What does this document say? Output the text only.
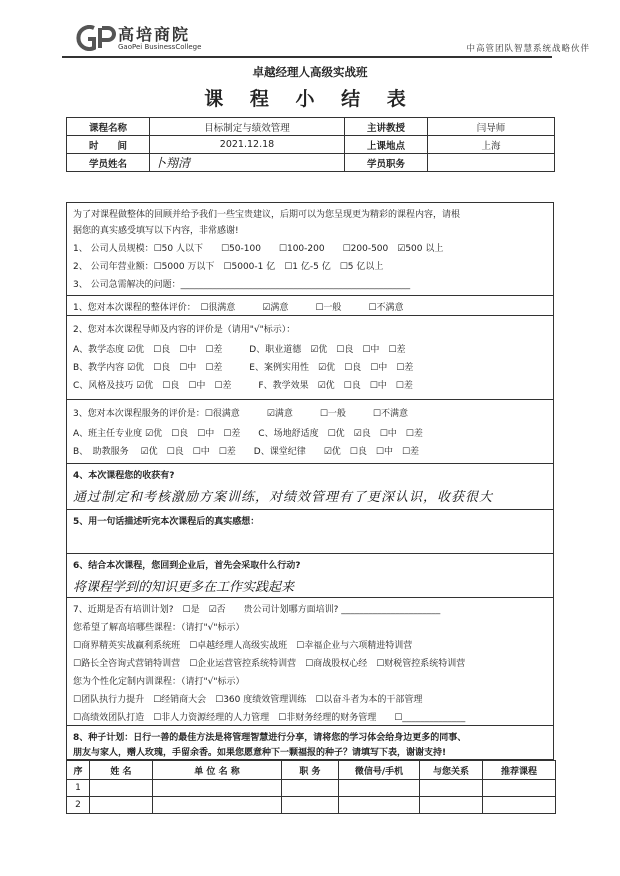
高培商院
GaoPei BusinessCollege	中高管团队智慧系统战略伙伴
卓越经理人高级实战班
课 程 小 结 表
课程名称	目标制定与绩效管理	主讲教授	闫导师
时　　间	2021.12.18	上课地点	上海
学员姓名	卜翔清	学员职务	
为了对课程做整体的回顾并给予我们一些宝贵建议，后期可以为您呈现更为精彩的课程内容，请根
据您的真实感受填写以下内容，非常感谢!
1、 公司人员规模：☐50 人以下　　☐50-100　　☐100-200　　☐200-500　☑500 以上
2、 公司年营业额：☐5000 万以下　☐5000-1 亿　☐1 亿-5 亿　☐5 亿以上
3、 公司急需解决的问题：___________________________________________________
1、您对本次课程的整体评价：　☐很满意　　　☑满意　　　☐一般　　　☐不满意
2、您对本次课程导师及内容的评价是（请用"√"标示）：
A、教学态度 ☑优　☐良　☐中　☐差　　　D、职业道德　☑优　☐良　☐中　☐差
B、教学内容 ☑优　☐良　☐中　☐差　　　E、案例实用性　☑优　☐良　☐中　☐差
C、风格及技巧 ☑优　☐良　☐中　☐差　　　F、教学效果　☑优　☐良　☐中　☐差
3、您对本次课程服务的评价是：☐很满意　　　☑满意　　　☐一般　　　☐不满意
A、班主任专业度 ☑优　☐良　☐中　☐差　　C、场地舒适度　☐优　☑良　☐中　☐差
B、　助教服务　 ☑优　☐良　☐中　☐差　　D、课堂纪律　　☑优　☐良　☐中　☐差
4、本次课程您的收获有?
通过制定和考核激励方案训练，对绩效管理有了更深认识，收获很大
5、用一句话描述听完本次课程后的真实感想：
6、结合本次课程，您回到企业后，首先会采取什么行动?
将课程学到的知识更多在工作实践起来
7、近期是否有培训计划?　☐是　☑否　　贵公司计划哪方面培训? ______________________
您希望了解高培哪些课程：（请打"√"标示）
☐商界精英实战赢利系统班　☐卓越经理人高级实战班　☐幸福企业与六项精进特训营
☐路长全咨询式营销特训营　☐企业运营管控系统特训营　☐商战股权心经　☐财税管控系统特训营
您为个性化定制内训课程：（请打"√"标示）
☐团队执行力提升　☐经销商大会　☐360 度绩效管理训练　☐以奋斗者为本的干部管理
☐高绩效团队打造　☐非人力资源经理的人力管理　☐非财务经理的财务管理　　☐______________
8、种子计划：日行一善的最佳方法是将管理智慧进行分享，请将您的学习体会给身边更多的同事、
朋友与家人，赠人玫瑰，手留余香。如果您愿意种下一颗福报的种子？请填写下表，谢谢支持!
序	姓 名	单 位 名 称	职 务	微信号/手机	与您关系	推荐课程
1						
2						
